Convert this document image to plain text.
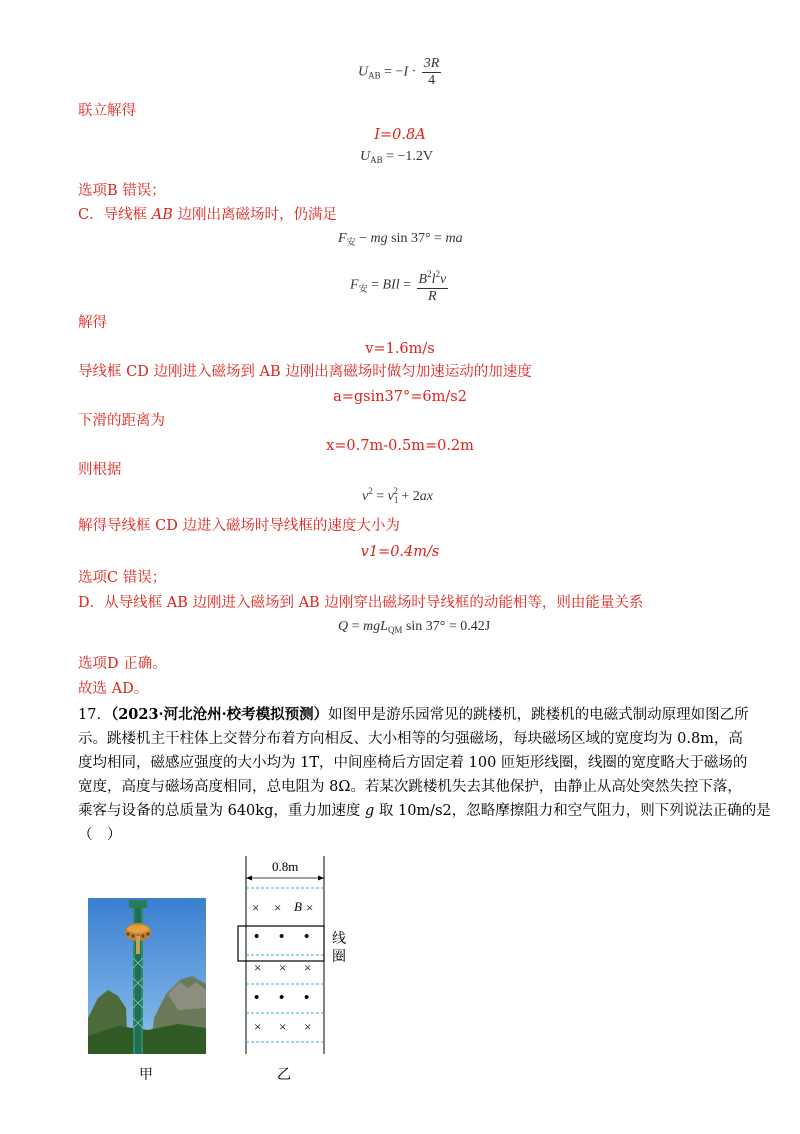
$U_{AB} = -I \cdot \frac{3R}{4}$
联立解得
I=0.8A
$U_{AB} = -1.2V$
选项B 错误；
C．导线框 AB 边刚出离磁场时，仍满足
$F_安$ − mg sin 37° = ma
$F_安$ = BIl = $\frac{B^2l^2v}{R}$
解得
v=1.6m/s
导线框 CD 边刚进入磁场到 AB 边刚出离磁场时做匀加速运动的加速度
a=gsin37°=6m/s2
下滑的距离为
x=0.7m-0.5m=0.2m
则根据
$v^2 = v_1^2 + 2ax$
解得导线框 CD 边进入磁场时导线框的速度大小为
v1=0.4m/s
选项C 错误；
D．从导线框 AB 边刚进入磁场到 AB 边刚穿出磁场时导线框的动能相等，则由能量关系
Q = mgL$_{QM}$ sin 37° = 0.42J
选项D 正确。
故选 AD。
17．（2023·河北沧州·校考模拟预测）如图甲是游乐园常见的跳楼机，跳楼机的电磁式制动原理如图乙所
示。跳楼机主干柱体上交替分布着方向相反、大小相等的匀强磁场，每块磁场区域的宽度均为 0.8m，高
度均相同，磁感应强度的大小均为 1T，中间座椅后方固定着 100 匝矩形线圈，线圈的宽度略大于磁场的
宽度，高度与磁场高度相同，总电阻为 8Ω。若某次跳楼机失去其他保护，由静止从高处突然失控下落，
乘客与设备的总质量为 640kg，重力加速度 g 取 10m/s2，忽略摩擦阻力和空气阻力，则下列说法正确的是
（　）
甲
0.8m
× × B ×
• • •
× × ×
• • •
× × ×
线
圈
乙
